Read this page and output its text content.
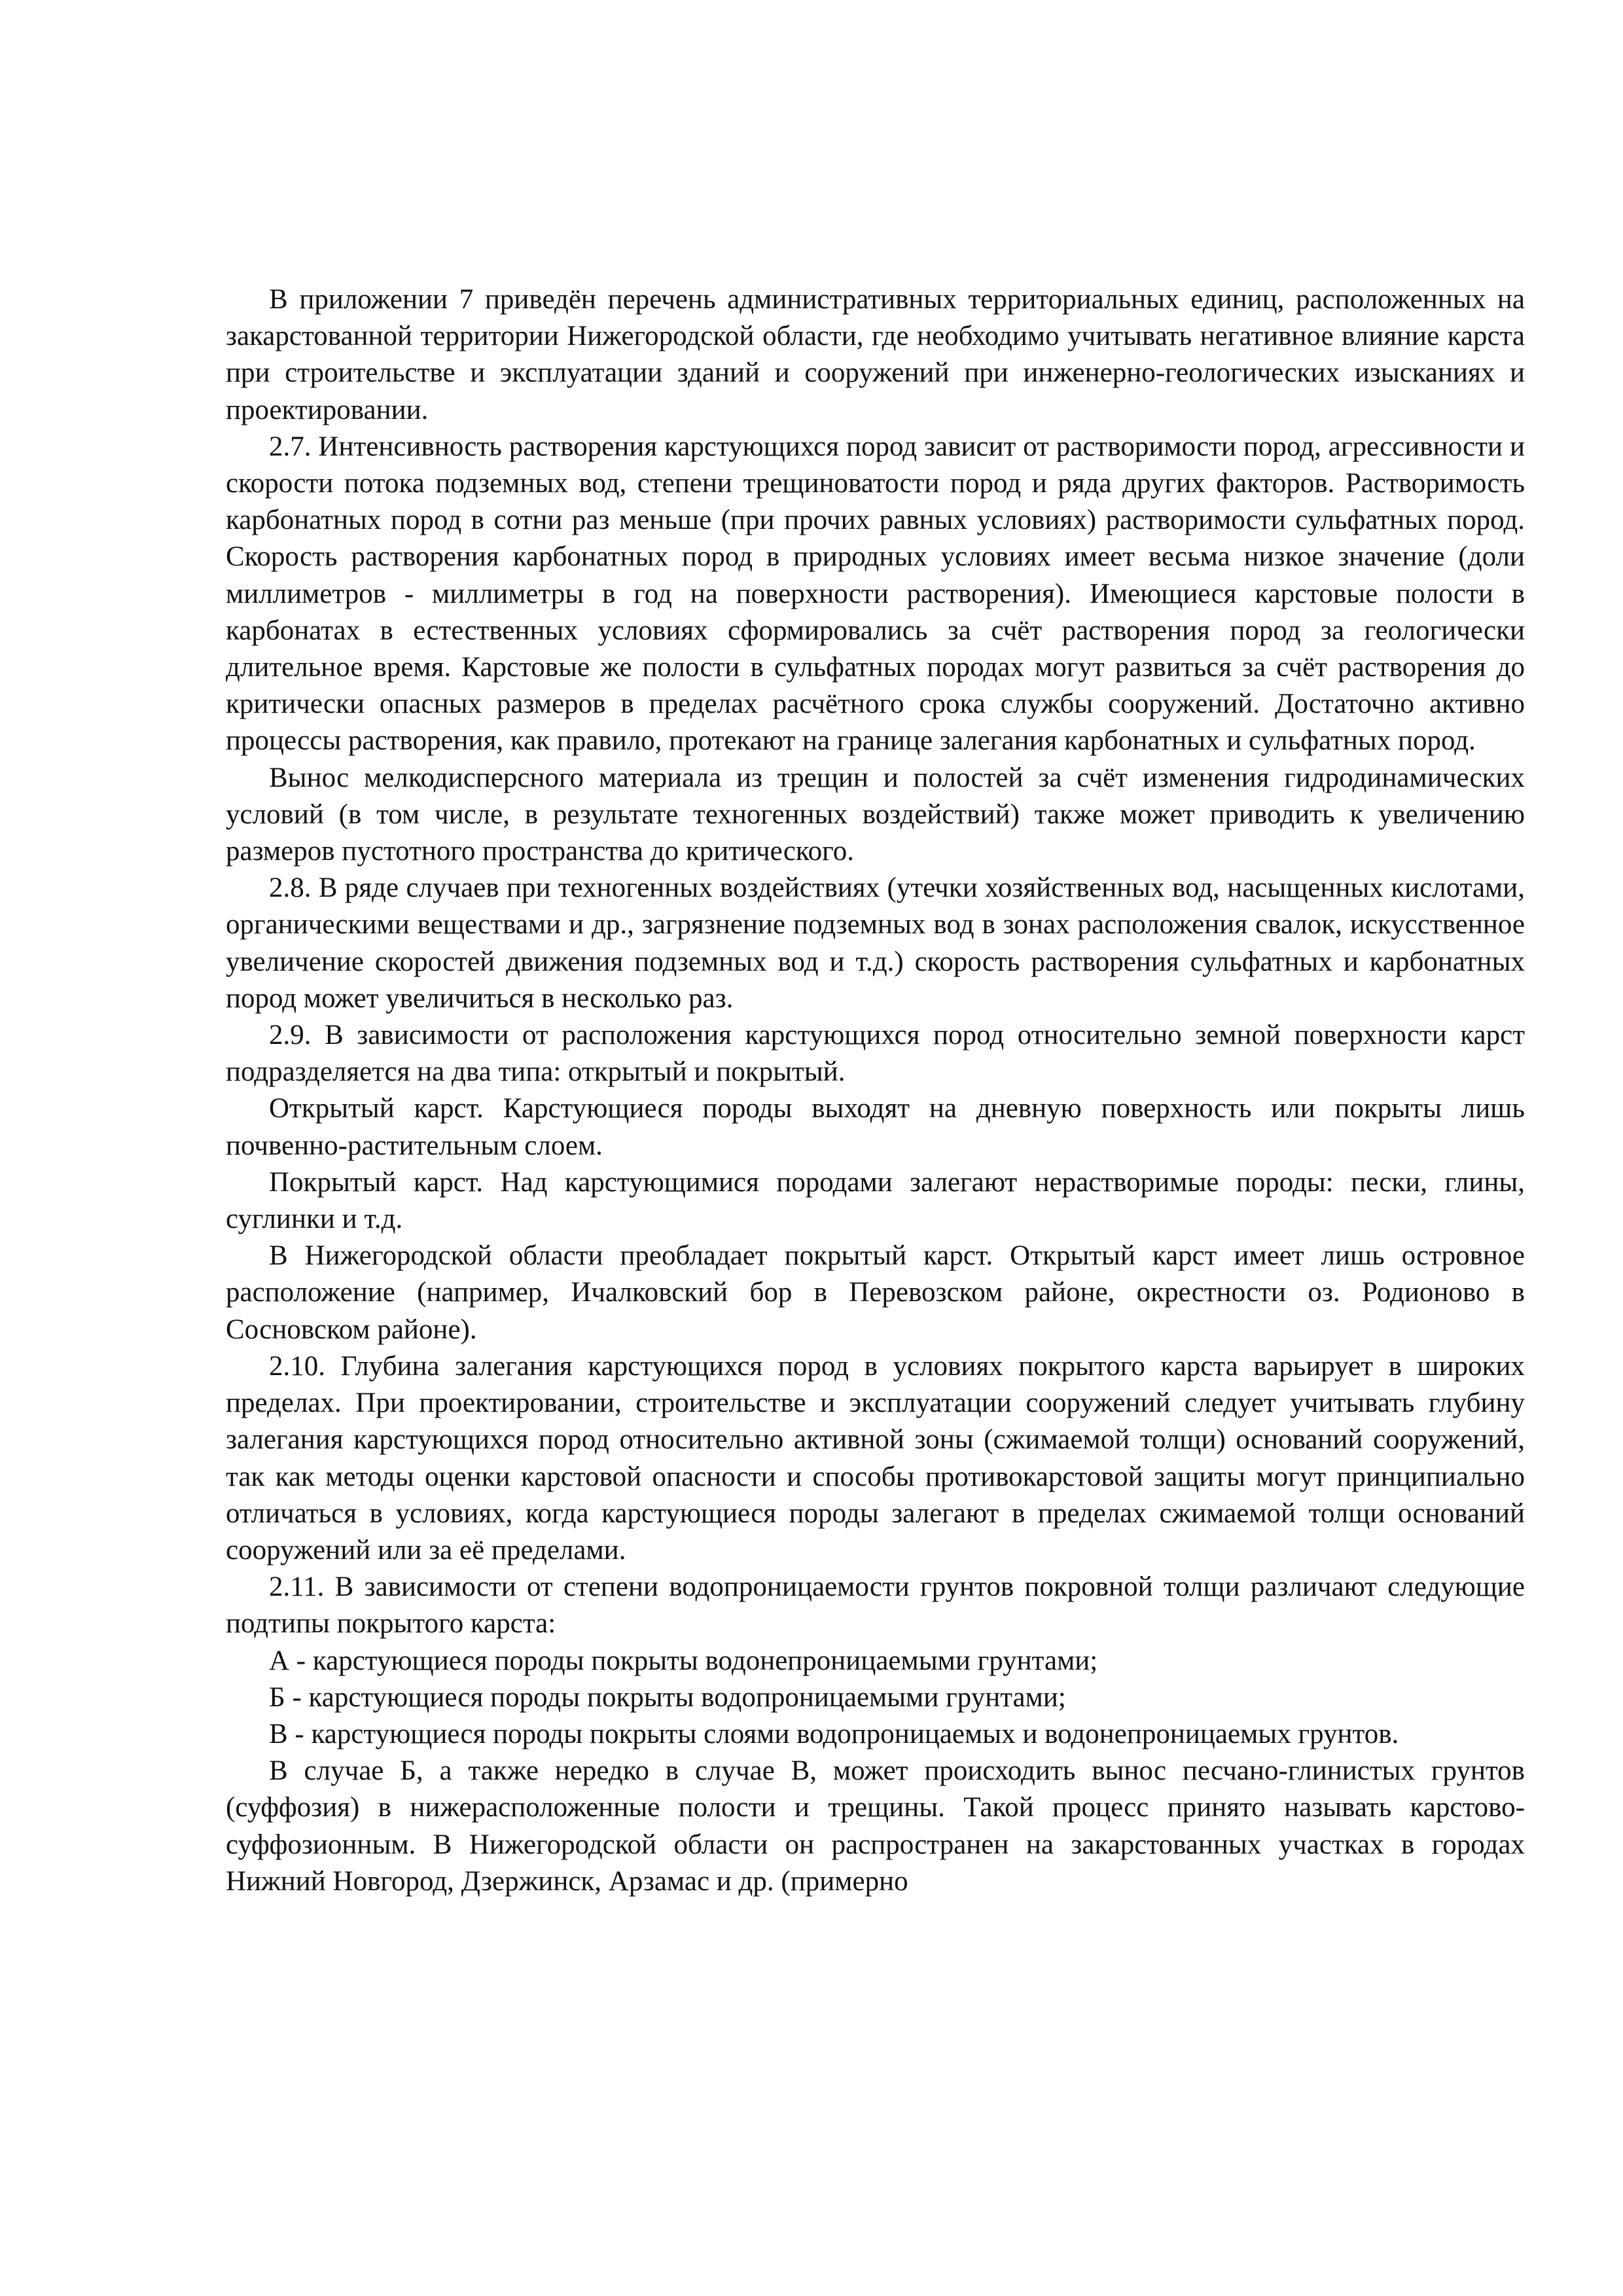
В приложении 7 приведён перечень административных территориальных единиц, расположенных на закарстованной территории Нижегородской области, где необходимо учитывать негативное влияние карста при строительстве и эксплуатации зданий и сооружений при инженерно-геологических изысканиях и проектировании.

2.7. Интенсивность растворения карстующихся пород зависит от растворимости пород, агрессивности и скорости потока подземных вод, степени трещиноватости пород и ряда других факторов. Растворимость карбонатных пород в сотни раз меньше (при прочих равных условиях) растворимости сульфатных пород. Скорость растворения карбонатных пород в природных условиях имеет весьма низкое значение (доли миллиметров - миллиметры в год на поверхности растворения). Имеющиеся карстовые полости в карбонатах в естественных условиях сформировались за счёт растворения пород за геологически длительное время. Карстовые же полости в сульфатных породах могут развиться за счёт растворения до критически опасных размеров в пределах расчётного срока службы сооружений. Достаточно активно процессы растворения, как правило, протекают на границе залегания карбонатных и сульфатных пород.

Вынос мелкодисперсного материала из трещин и полостей за счёт изменения гидродинамических условий (в том числе, в результате техногенных воздействий) также может приводить к увеличению размеров пустотного пространства до критического.

2.8. В ряде случаев при техногенных воздействиях (утечки хозяйственных вод, насыщенных кислотами, органическими веществами и др., загрязнение подземных вод в зонах расположения свалок, искусственное увеличение скоростей движения подземных вод и т.д.) скорость растворения сульфатных и карбонатных пород может увеличиться в несколько раз.

2.9. В зависимости от расположения карстующихся пород относительно земной поверхности карст подразделяется на два типа: открытый и покрытый.

Открытый карст. Карстующиеся породы выходят на дневную поверхность или покрыты лишь почвенно-растительным слоем.

Покрытый карст. Над карстующимися породами залегают нерастворимые породы: пески, глины, суглинки и т.д.

В Нижегородской области преобладает покрытый карст. Открытый карст имеет лишь островное расположение (например, Ичалковский бор в Перевозском районе, окрестности оз. Родионово в Сосновском районе).

2.10. Глубина залегания карстующихся пород в условиях покрытого карста варьирует в широких пределах. При проектировании, строительстве и эксплуатации сооружений следует учитывать глубину залегания карстующихся пород относительно активной зоны (сжимаемой толщи) оснований сооружений, так как методы оценки карстовой опасности и способы противокарстовой защиты могут принципиально отличаться в условиях, когда карстующиеся породы залегают в пределах сжимаемой толщи оснований сооружений или за её пределами.

2.11. В зависимости от степени водопроницаемости грунтов покровной толщи различают следующие подтипы покрытого карста:

А - карстующиеся породы покрыты водонепроницаемыми грунтами;

Б - карстующиеся породы покрыты водопроницаемыми грунтами;

В - карстующиеся породы покрыты слоями водопроницаемых и водонепроницаемых грунтов.

В случае Б, а также нередко в случае В, может происходить вынос песчано-глинистых грунтов (суффозия) в нижерасположенные полости и трещины. Такой процесс принято называть карстово-суффозионным. В Нижегородской области он распространен на закарстованных участках в городах Нижний Новгород, Дзержинск, Арзамас и др. (примерно
